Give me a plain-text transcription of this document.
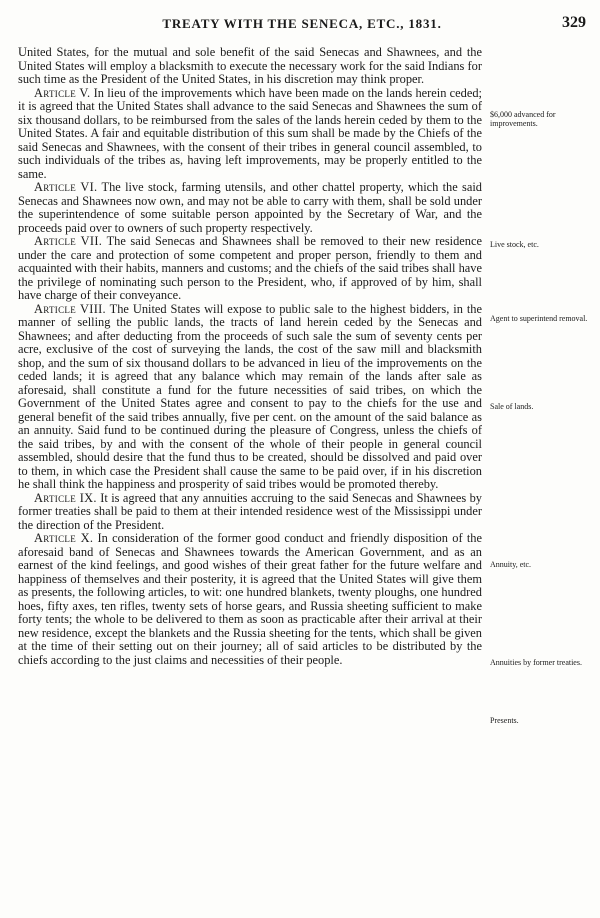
TREATY WITH THE SENECA, ETC., 1831.	329

United States, for the mutual and sole benefit of the said Senecas and Shawnees, and the United States will employ a blacksmith to execute the necessary work for the said Indians for such time as the President of the United States, in his discretion may think proper.

Article V. In lieu of the improvements which have been made on the lands herein ceded; it is agreed that the United States shall advance to the said Senecas and Shawnees the sum of six thousand dollars, to be reimbursed from the sales of the lands herein ceded by them to the United States. A fair and equitable distribution of this sum shall be made by the Chiefs of the said Senecas and Shawnees, with the consent of their tribes in general council assembled, to such individuals of the tribes as, having left improvements, may be properly entitled to the same.

Article VI. The live stock, farming utensils, and other chattel property, which the said Senecas and Shawnees now own, and may not be able to carry with them, shall be sold under the superintendence of some suitable person appointed by the Secretary of War, and the proceeds paid over to owners of such property respectively.

Article VII. The said Senecas and Shawnees shall be removed to their new residence under the care and protection of some competent and proper person, friendly to them and acquainted with their habits, manners and customs; and the chiefs of the said tribes shall have the privilege of nominating such person to the President, who, if approved of by him, shall have charge of their conveyance.

Article VIII. The United States will expose to public sale to the highest bidders, in the manner of selling the public lands, the tracts of land herein ceded by the Senecas and Shawnees; and after deducting from the proceeds of such sale the sum of seventy cents per acre, exclusive of the cost of surveying the lands, the cost of the saw mill and blacksmith shop, and the sum of six thousand dollars to be advanced in lieu of the improvements on the ceded lands; it is agreed that any balance which may remain of the lands after sale as aforesaid, shall constitute a fund for the future necessities of said tribes, on which the Government of the United States agree and consent to pay to the chiefs for the use and general benefit of the said tribes annually, five per cent. on the amount of the said balance as an annuity. Said fund to be continued during the pleasure of Congress, unless the chiefs of the said tribes, by and with the consent of the whole of their people in general council assembled, should desire that the fund thus to be created, should be dissolved and paid over to them, in which case the President shall cause the same to be paid over, if in his discretion he shall think the happiness and prosperity of said tribes would be promoted thereby.

Article IX. It is agreed that any annuities accruing to the said Senecas and Shawnees by former treaties shall be paid to them at their intended residence west of the Mississippi under the direction of the President.

Article X. In consideration of the former good conduct and friendly disposition of the aforesaid band of Senecas and Shawnees towards the American Government, and as an earnest of the kind feelings, and good wishes of their great father for the future welfare and happiness of themselves and their posterity, it is agreed that the United States will give them as presents, the following articles, to wit: one hundred blankets, twenty ploughs, one hundred hoes, fifty axes, ten rifles, twenty sets of horse gears, and Russia sheeting sufficient to make forty tents; the whole to be delivered to them as soon as practicable after their arrival at their new residence, except the blankets and the Russia sheeting for the tents, which shall be given at the time of their setting out on their journey; all of said articles to be distributed by the chiefs according to the just claims and necessities of their people.

$6,000 advanced for improvements.
Live stock, etc.
Agent to superintend removal.
Sale of lands.
Annuity, etc.
Annuities by former treaties.
Presents.
